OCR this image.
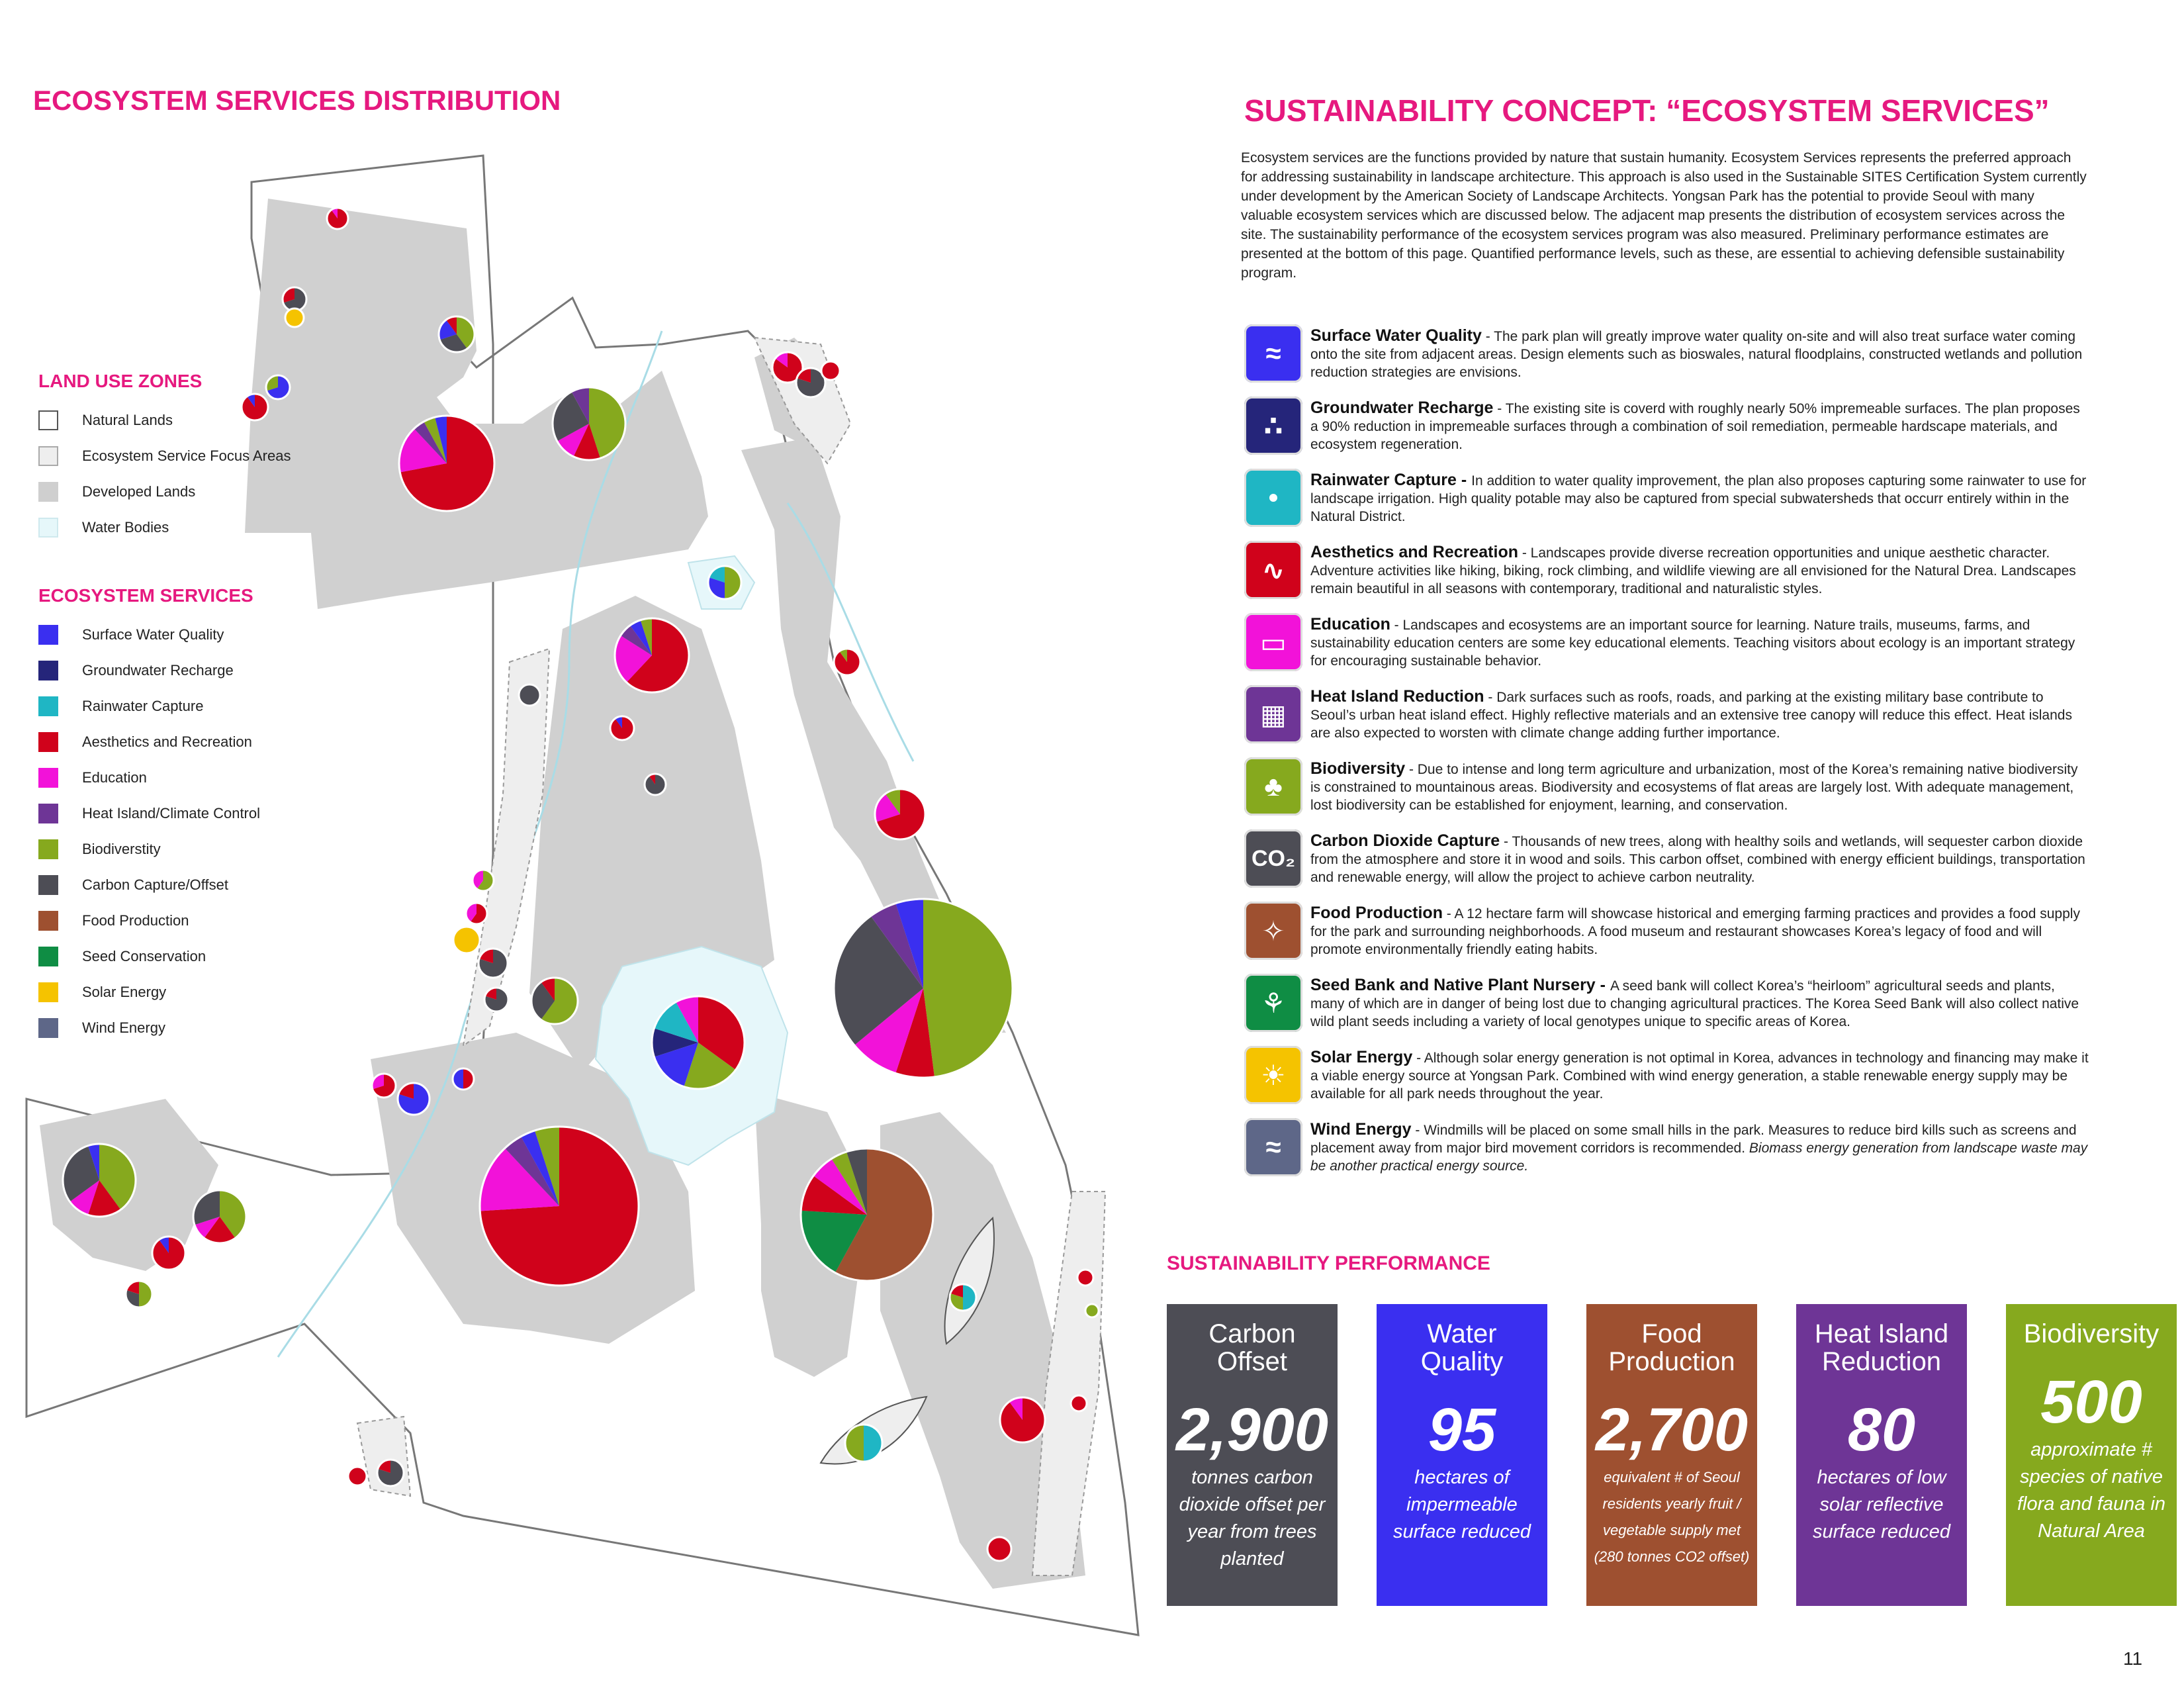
ECOSYSTEM SERVICES DISTRIBUTION	SUSTAINABILITY CONCEPT: “ECOSYSTEM SERVICES”
Ecosystem services are the functions provided by nature that sustain humanity. Ecosystem Services represents the preferred approach for addressing sustainability in landscape architecture. This approach is also used in the Sustainable SITES Certification System currently under development by the American Society of Landscape Architects. Yongsan Park has the potential to provide Seoul with many valuable ecosystem services which are discussed below. The adjacent map presents the distribution of ecosystem services across the site. The sustainability performance of the ecosystem services program was also measured. Preliminary performance estimates are presented at the bottom of this page. Quantified performance levels, such as these, are essential to achieving defensible sustainability program.
LAND USE ZONES
Natural Lands
Ecosystem Service Focus Areas
Developed Lands
Water Bodies
ECOSYSTEM SERVICES
Surface Water Quality
Groundwater Recharge
Rainwater Capture
Aesthetics and Recreation
Education
Heat Island/Climate Control
Biodiverstity
Carbon Capture/Offset
Food Production
Seed Conservation
Solar Energy
Wind Energy
≈
Surface Water Quality - The park plan will greatly improve water quality on-site and will also treat surface water coming onto the site from adjacent areas. Design elements such as bioswales, natural floodplains, constructed wetlands and pollution reduction strategies are envisions.
∴
Groundwater Recharge - The existing site is coverd with roughly nearly 50% impremeable surfaces. The plan proposes a 90% reduction in impremeable surfaces through a combination of soil remediation, permeable hardscape materials, and ecosystem regeneration.
•
Rainwater Capture - In addition to water quality improvement, the plan also proposes capturing some rainwater to use for landscape irrigation. High quality potable may also be captured from special subwatersheds that occurr entirely within in the Natural District.
∿
Aesthetics and Recreation - Landscapes provide diverse recreation opportunities and unique aesthetic character. Adventure activities like hiking, biking, rock climbing, and wildlife viewing are all envisioned for the Natural Drea. Landscapes remain beautiful in all seasons with contemporary, traditional and naturalistic styles.
▭
Education - Landscapes and ecosystems are an important source for learning. Nature trails, museums, farms, and sustainability education centers are some key educational elements. Teaching visitors about ecology is an important strategy for encouraging sustainable behavior.
▦
Heat Island Reduction - Dark surfaces such as roofs, roads, and parking at the existing military base contribute to Seoul’s urban heat island effect. Highly reflective materials and an extensive tree canopy will reduce this effect. Heat islands are also expected to worsten with climate change adding further importance.
♣
Biodiversity - Due to intense and long term agriculture and urbanization, most of the Korea’s remaining native biodiversity is constrained to mountainous areas. Biodiversity and ecosystems of flat areas are largely lost. With adequate management, lost biodiversity can be established for enjoyment, learning, and conservation.
CO₂
Carbon Dioxide Capture - Thousands of new trees, along with healthy soils and wetlands, will sequester carbon dioxide from the atmosphere and store it in wood and soils. This carbon offset, combined with energy efficient buildings, transportation and renewable energy, will allow the project to achieve carbon neutrality.
✧
Food Production - A 12 hectare farm will showcase historical and emerging farming practices and provides a food supply for the park and surrounding neighborhoods. A food museum and restaurant showcases Korea’s legacy of food and will promote environmentally friendly eating habits.
⚘
Seed Bank and Native Plant Nursery - A seed bank will collect Korea’s “heirloom” agricultural seeds and plants, many of which are in danger of being lost due to changing agricultural practices. The Korea Seed Bank will also collect native wild plant seeds including a variety of local genotypes unique to specific areas of Korea.
☀
Solar Energy - Although solar energy generation is not optimal in Korea, advances in technology and financing may make it a viable energy source at Yongsan Park. Combined with wind energy generation, a stable renewable energy supply may be available for all park needs throughout the year.
≈
Wind Energy - Windmills will be placed on some small hills in the park. Measures to reduce bird kills such as screens and placement away from major bird movement corridors is recommended. Biomass energy generation from landscape waste may be another practical energy source.
SUSTAINABILITY PERFORMANCE
Carbon
Offset
2,900
tonnes carbon dioxide offset per year from trees planted
Water
Quality
95
hectares of impermeable surface reduced
Food
Production
2,700
equivalent # of Seoul residents yearly fruit / vegetable supply met (280 tonnes CO2 offset)
Heat Island
Reduction
80
hectares of low solar reflective surface reduced
Biodiversity
500
approximate # species of native flora and fauna in Natural Area
11
